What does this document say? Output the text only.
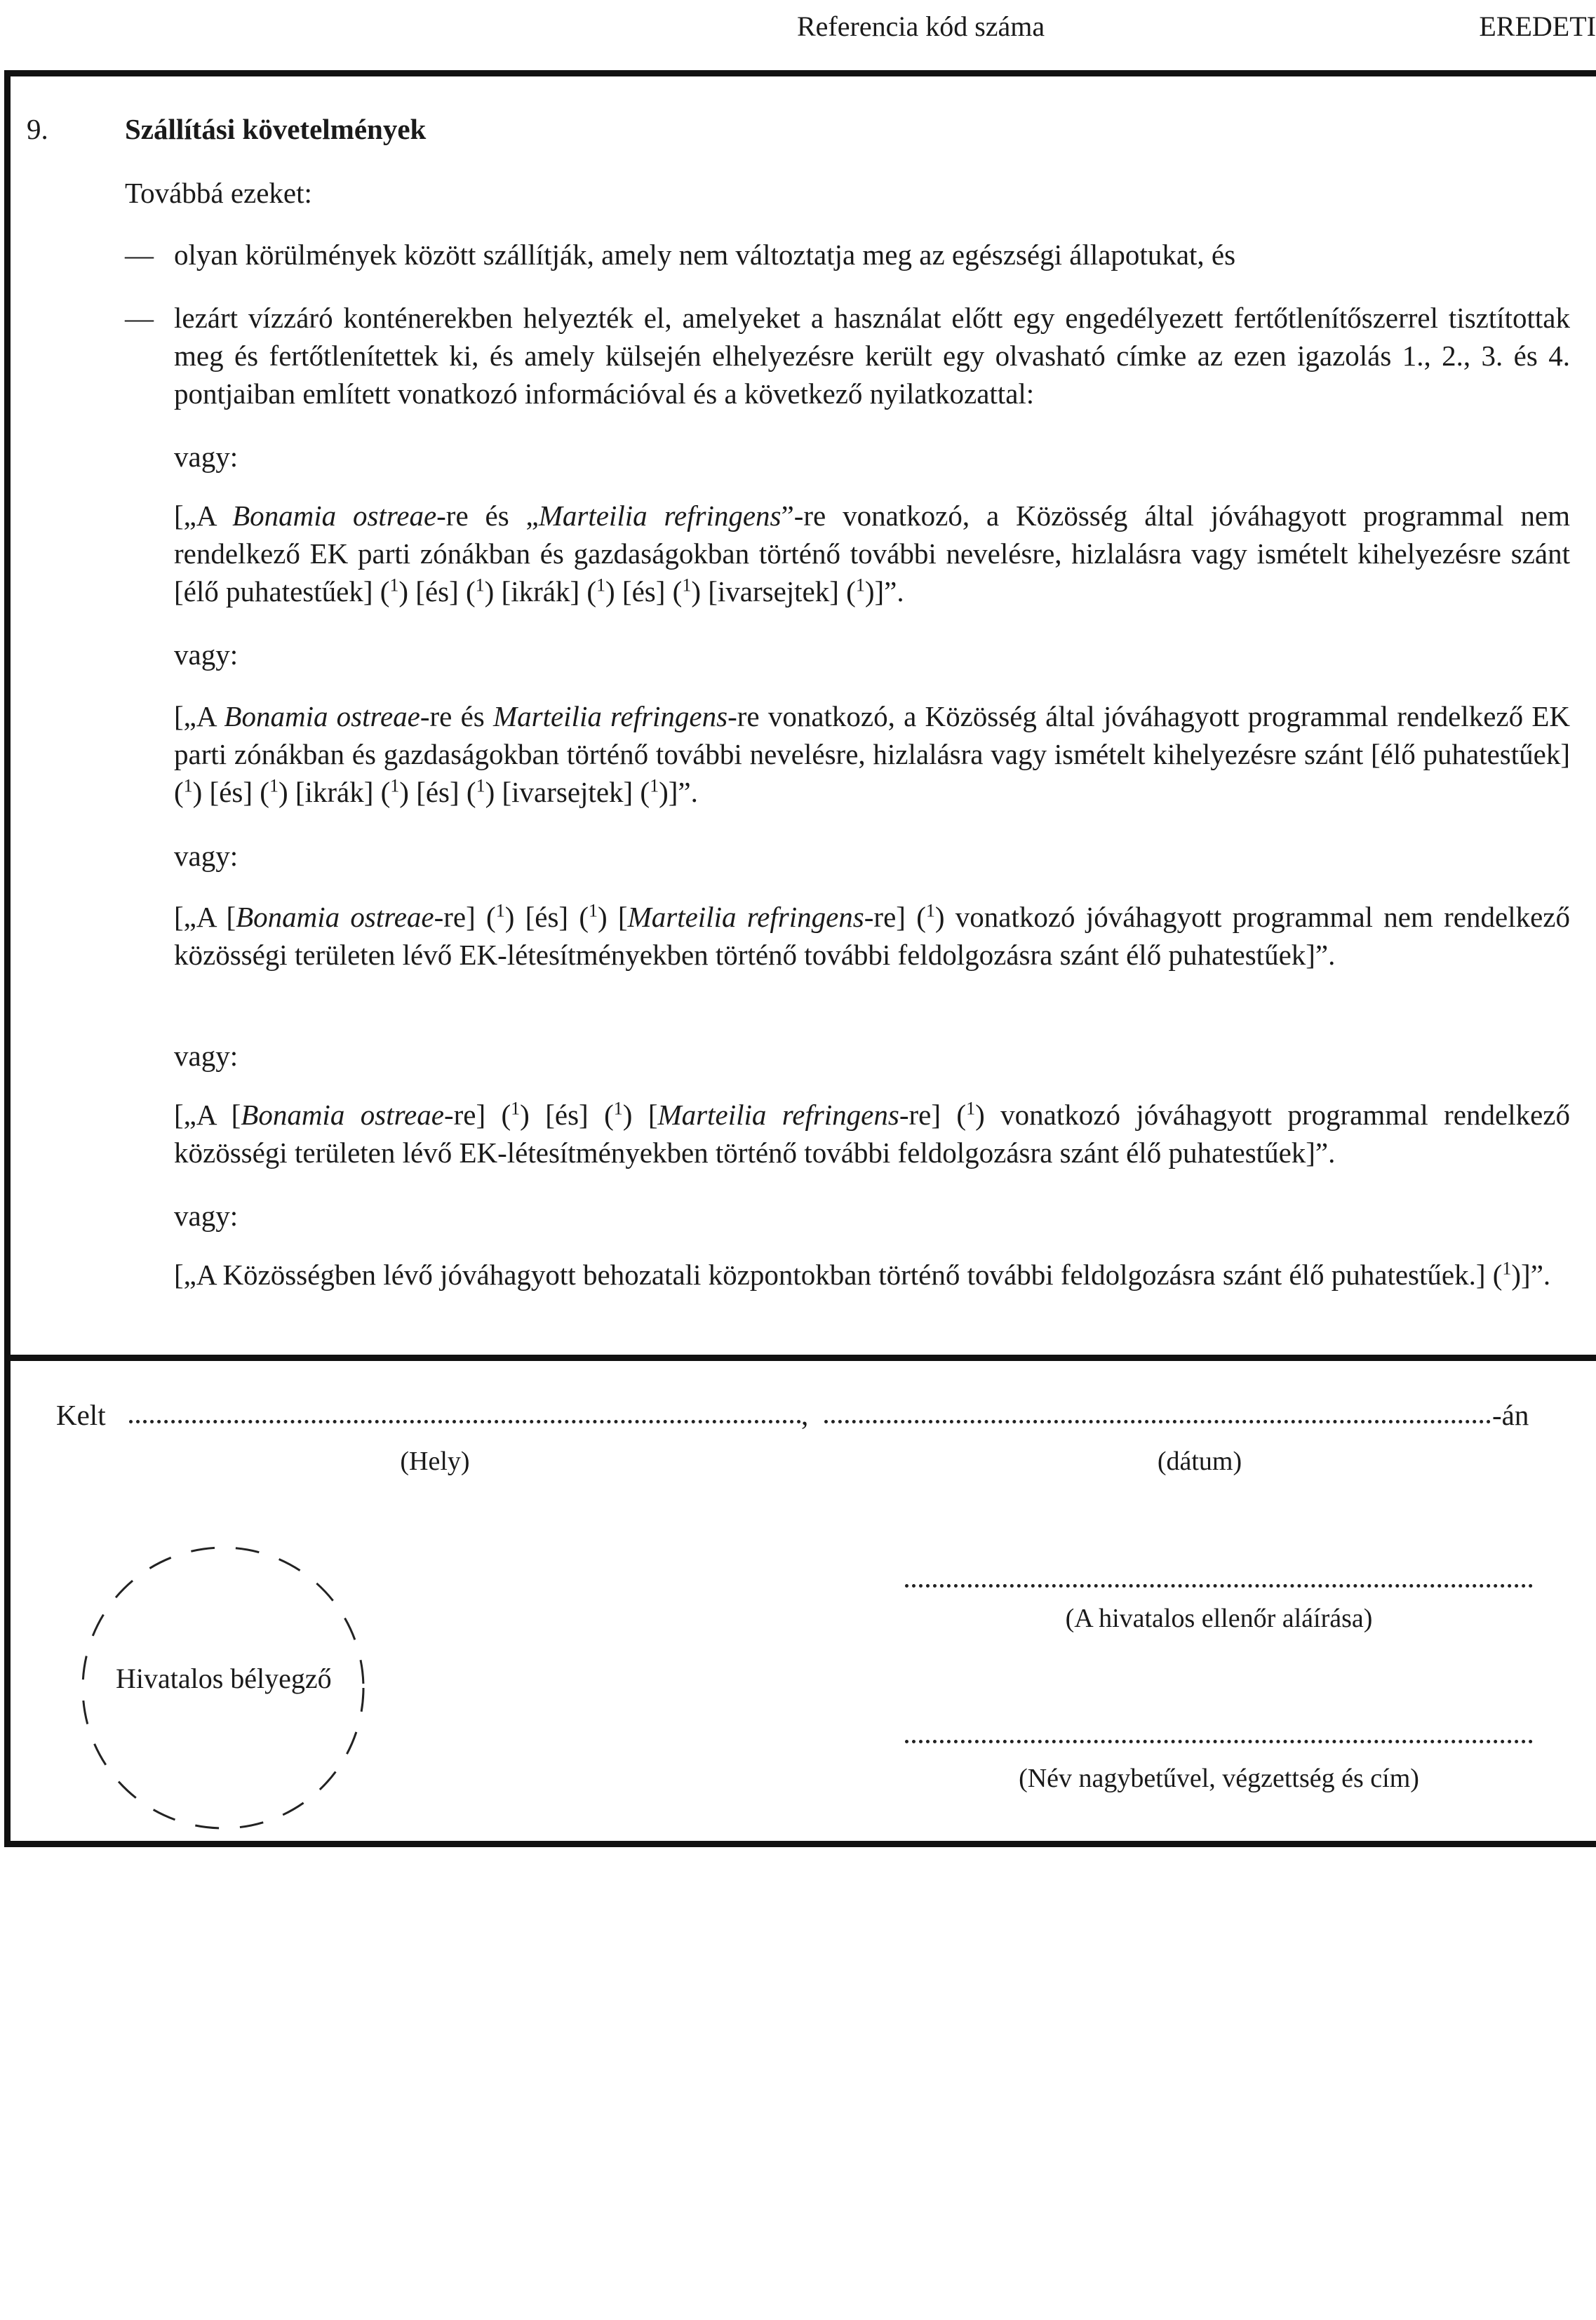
Referencia kód száma	EREDETI
9.	Szállítási követelmények
Továbbá ezeket:
— olyan körülmények között szállítják, amely nem változtatja meg az egészségi állapotukat, és
— lezárt vízzáró konténerekben helyezték el, amelyeket a használat előtt egy engedélyezett fertőtlenítőszerrel tisztítottak meg és fertőtlenítettek ki, és amely külsején elhelyezésre került egy olvasható címke az ezen igazolás 1., 2., 3. és 4. pontjaiban említett vonatkozó információval és a következő nyilatkozattal:
vagy:
[„A Bonamia ostreae-re és „Marteilia refringens”-re vonatkozó, a Közösség által jóváhagyott programmal nem rendelkező EK parti zónákban és gazdaságokban történő további nevelésre, hizlalásra vagy ismételt kihelyezésre szánt [élő puhatestűek] ($^1$) [és] ($^1$) [ikrák] ($^1$) [és] ($^1$) [ivarsejtek] ($^1$)]”.
vagy:
[„A Bonamia ostreae-re és Marteilia refringens-re vonatkozó, a Közösség által jóváhagyott programmal rendelkező EK parti zónákban és gazdaságokban történő további nevelésre, hizlalásra vagy ismételt kihelyezésre szánt [élő puhatestűek] ($^1$) [és] ($^1$) [ikrák] ($^1$) [és] ($^1$) [ivarsejtek] ($^1$)]”.
vagy:
[„A [Bonamia ostreae-re] ($^1$) [és] ($^1$) [Marteilia refringens-re] ($^1$) vonatkozó jóváhagyott programmal nem rendelkező közösségi területen lévő EK-létesítményekben történő további feldolgozásra szánt élő puhatestűek]”.
vagy:
[„A [Bonamia ostreae-re] ($^1$) [és] ($^1$) [Marteilia refringens-re] ($^1$) vonatkozó jóváhagyott programmal rendelkező közösségi területen lévő EK-létesítményekben történő további feldolgozásra szánt élő puhatestűek]”.
vagy:
[„A Közösségben lévő jóváhagyott behozatali központokban történő további feldolgozásra szánt élő puhatestűek.] ($^1$)]”.
Kelt	,	-án
(Hely)	(dátum)
Hivatalos bélyegző
(A hivatalos ellenőr aláírása)
(Név nagybetűvel, végzettség és cím)
